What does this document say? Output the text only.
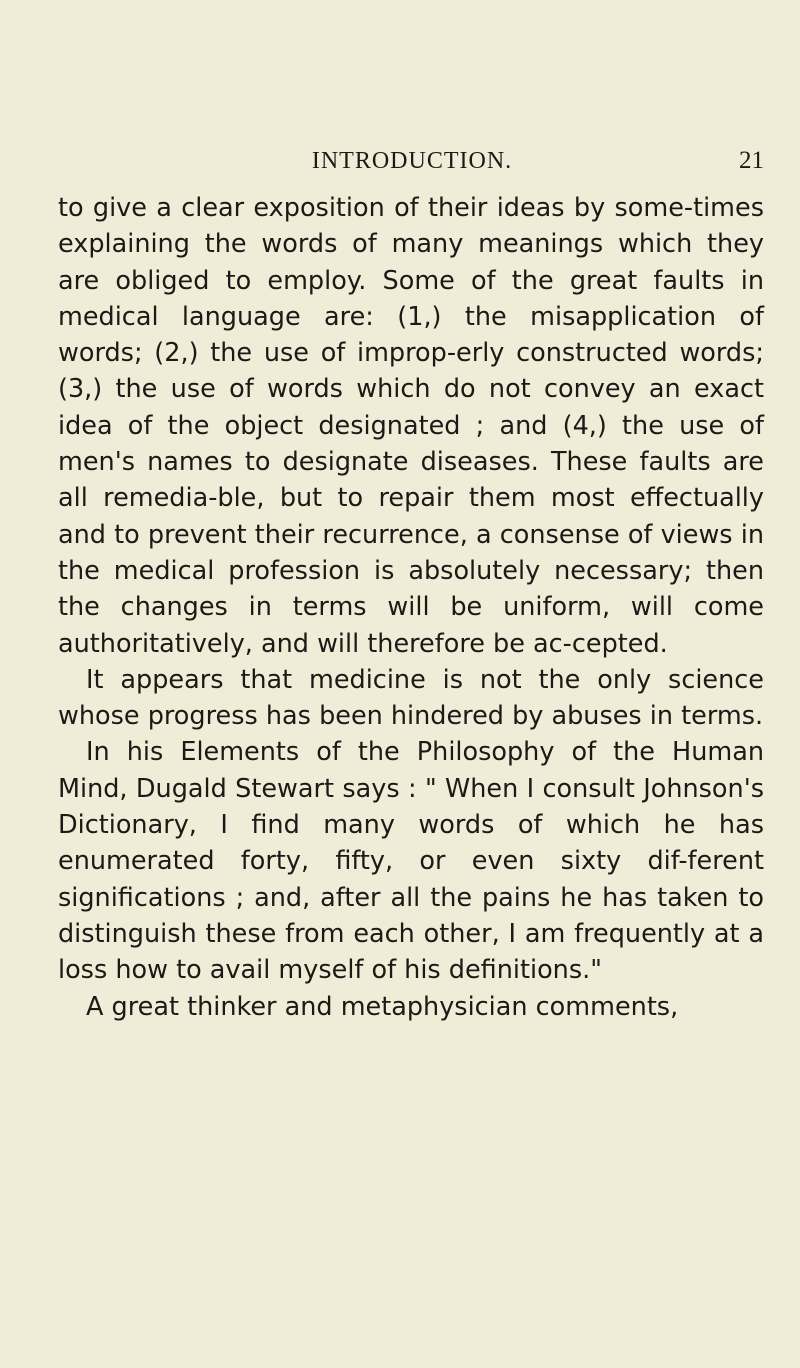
INTRODUCTION.	21

to give a clear exposition of their ideas by some-times explaining the words of many meanings which they are obliged to employ. Some of the great faults in medical language are: (1,) the misapplication of words; (2,) the use of improp-erly constructed words; (3,) the use of words which do not convey an exact idea of the object designated ; and (4,) the use of men's names to designate diseases. These faults are all remedia-ble, but to repair them most effectually and to prevent their recurrence, a consense of views in the medical profession is absolutely necessary; then the changes in terms will be uniform, will come authoritatively, and will therefore be ac-cepted.

It appears that medicine is not the only science whose progress has been hindered by abuses in terms.

In his Elements of the Philosophy of the Human Mind, Dugald Stewart says : " When I consult Johnson's Dictionary, I find many words of which he has enumerated forty, fifty, or even sixty dif-ferent significations ; and, after all the pains he has taken to distinguish these from each other, I am frequently at a loss how to avail myself of his definitions."

A great thinker and metaphysician comments,
